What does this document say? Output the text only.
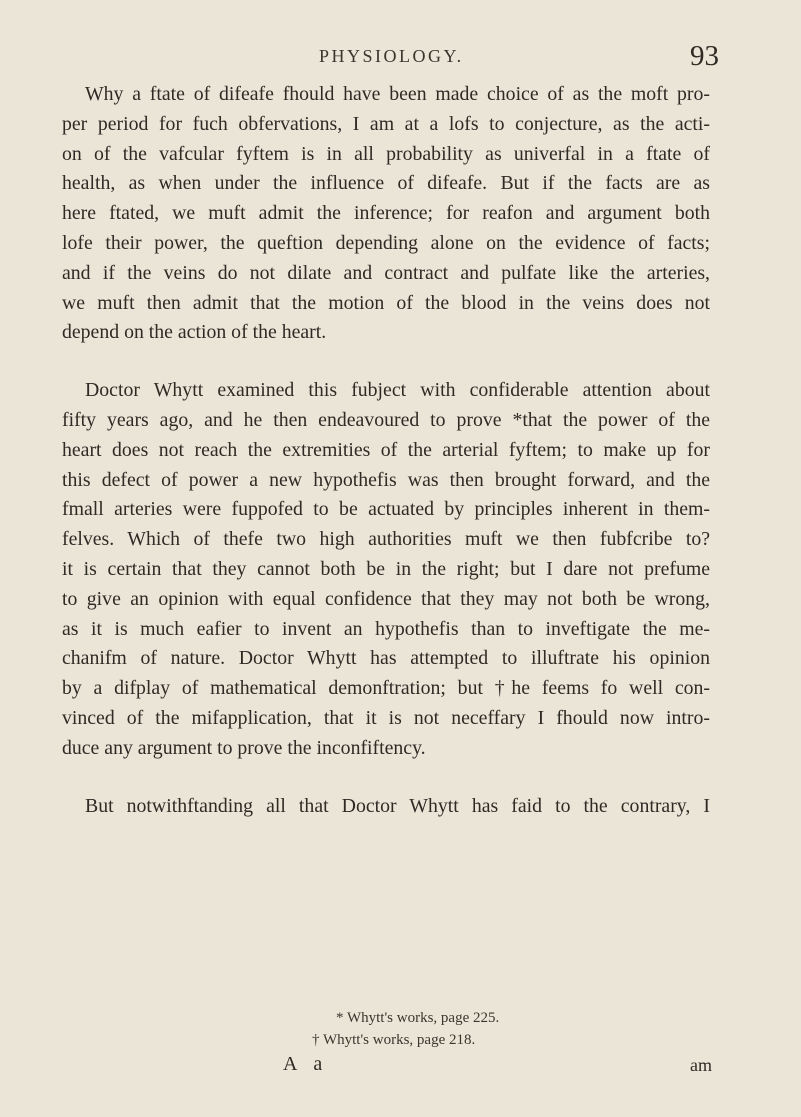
PHYSIOLOGY.	93

Why a ftate of difeafe fhould have been made choice of as the moft pro-
per period for fuch obfervations, I am at a lofs to conjecture, as the acti-
on of the vafcular fyftem is in all probability as univerfal in a ftate of
health, as when under the influence of difeafe. But if the facts are as
here ftated, we muft admit the inference; for reafon and argument both
lofe their power, the queftion depending alone on the evidence of facts;
and if the veins do not dilate and contract and pulfate like the arteries,
we muft then admit that the motion of the blood in the veins does not
depend on the action of the heart.

Doctor Whytt examined this fubject with confiderable attention about
fifty years ago, and he then endeavoured to prove *that the power of the
heart does not reach the extremities of the arterial fyftem; to make up for
this defect of power a new hypothefis was then brought forward, and the
fmall arteries were fuppofed to be actuated by principles inherent in them-
felves. Which of thefe two high authorities muft we then fubfcribe to?
it is certain that they cannot both be in the right; but I dare not prefume
to give an opinion with equal confidence that they may not both be wrong,
as it is much eafier to invent an hypothefis than to inveftigate the me-
chanifm of nature. Doctor Whytt has attempted to illuftrate his opinion
by a difplay of mathematical demonftration; but †he feems fo well con-
vinced of the mifapplication, that it is not neceffary I fhould now intro-
duce any argument to prove the inconfiftency.

But notwithftanding all that Doctor Whytt has faid to the contrary, I

* Whytt's works, page 225.
† Whytt's works, page 218.
A a	am
